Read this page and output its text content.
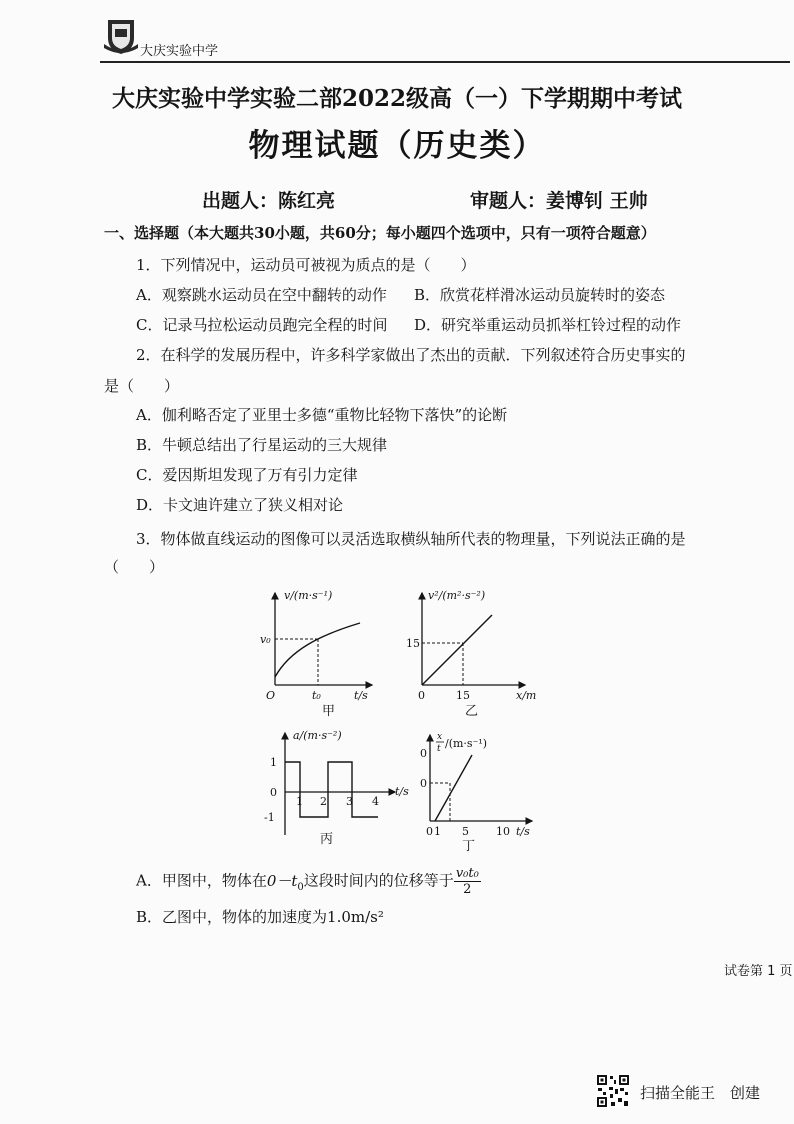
大庆实验中学
大庆实验中学实验二部2022级高（一）下学期期中考试
物理试题（历史类）
出题人：陈红亮	审题人：姜博钊 王帅
一、选择题（本大题共30小题，共60分；每小题四个选项中，只有一项符合题意）
1．下列情况中，运动员可被视为质点的是（　　）
A．观察跳水运动员在空中翻转的动作 B．欣赏花样滑冰运动员旋转时的姿态
C．记录马拉松运动员跑完全程的时间 D．研究举重运动员抓举杠铃过程的动作
2．在科学的发展历程中，许多科学家做出了杰出的贡献．下列叙述符合历史事实的
是（　　）
A．伽利略否定了亚里士多德“重物比轻物下落快”的论断
B．牛顿总结出了行星运动的三大规律
C．爱因斯坦发现了万有引力定律
D．卡文迪许建立了狭义相对论
3．物体做直线运动的图像可以灵活选取横纵轴所代表的物理量，下列说法正确的是
（　　）
v/(m·s⁻¹)
v₀
O	t₀	t/s
甲
v²/(m²·s⁻²)
15
0	15	x/m
乙
a/(m·s⁻²)
1
0
-1
1 2 3 4
t/s
丙
x
t /(m·s⁻¹)
0
0
0 1 5 10 t/s
丁
A．甲图中，物体在$0-t_0$这段时间内的位移等于 $\frac{\text{v₀t₀}}{2}$
B．乙图中，物体的加速度为1.0m/s²
试卷第 1 页
扫描全能王　创建
